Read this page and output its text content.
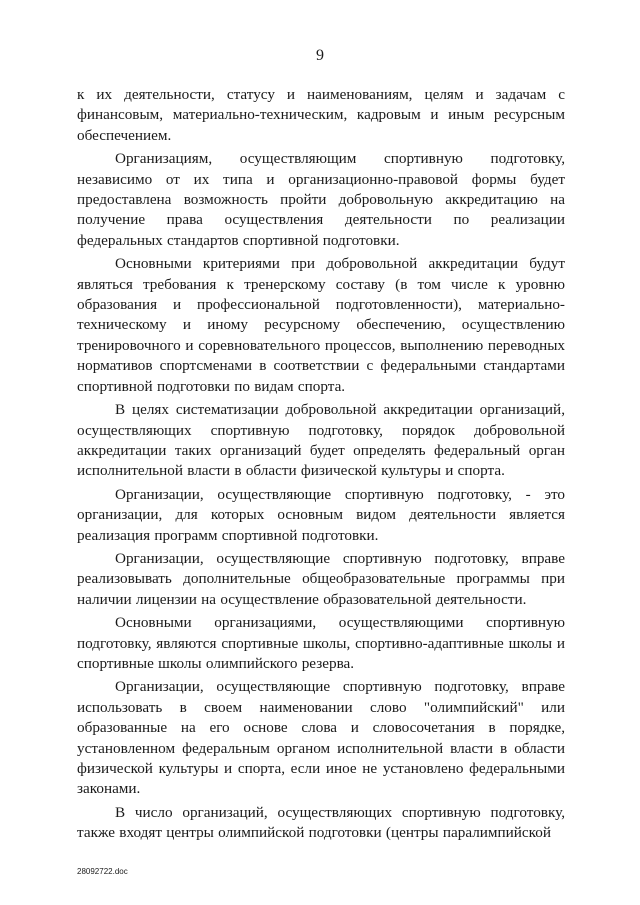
9

к их деятельности, статусу и наименованиям, целям и задачам с финансовым, материально-техническим, кадровым и иным ресурсным обеспечением.

Организациям, осуществляющим спортивную подготовку, независимо от их типа и организационно-правовой формы будет предоставлена возможность пройти добровольную аккредитацию на получение права осуществления деятельности по реализации федеральных стандартов спортивной подготовки.

Основными критериями при добровольной аккредитации будут являться требования к тренерскому составу (в том числе к уровню образования и профессиональной подготовленности), материально-техническому и иному ресурсному обеспечению, осуществлению тренировочного и соревновательного процессов, выполнению переводных нормативов спортсменами в соответствии с федеральными стандартами спортивной подготовки по видам спорта.

В целях систематизации добровольной аккредитации организаций, осуществляющих спортивную подготовку, порядок добровольной аккредитации таких организаций будет определять федеральный орган исполнительной власти в области физической культуры и спорта.

Организации, осуществляющие спортивную подготовку, - это организации, для которых основным видом деятельности является реализация программ спортивной подготовки.

Организации, осуществляющие спортивную подготовку, вправе реализовывать дополнительные общеобразовательные программы при наличии лицензии на осуществление образовательной деятельности.

Основными организациями, осуществляющими спортивную подготовку, являются спортивные школы, спортивно-адаптивные школы и спортивные школы олимпийского резерва.

Организации, осуществляющие спортивную подготовку, вправе использовать в своем наименовании слово "олимпийский" или образованные на его основе слова и словосочетания в порядке, установленном федеральным органом исполнительной власти в области физической культуры и спорта, если иное не установлено федеральными законами.

В число организаций, осуществляющих спортивную подготовку, также входят центры олимпийской подготовки (центры паралимпийской

28092722.doc
